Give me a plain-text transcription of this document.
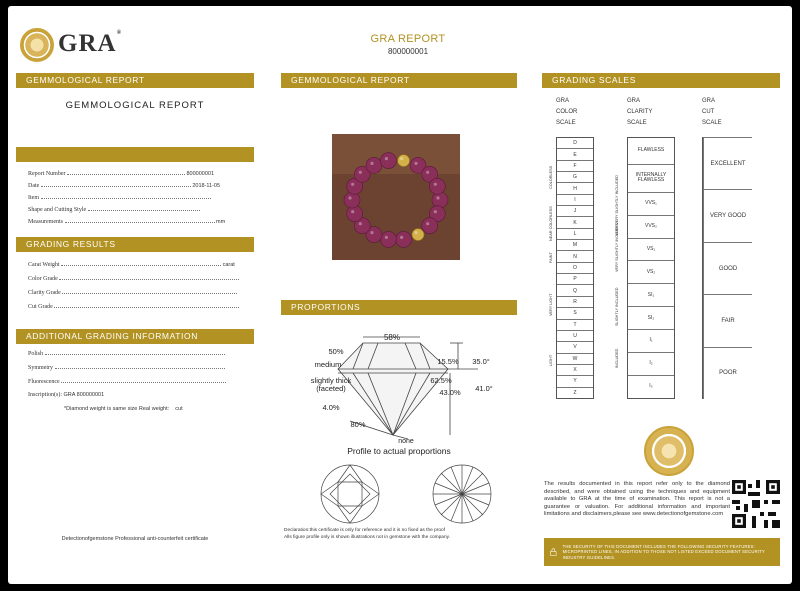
GRA®	GRA REPORT
800000001
GEMMOLOGICAL REPORT
GEMMOLOGICAL REPORT
Report Number	800000001
Date	2018-11-05
Item
Shape and Cutting Style
Measurements	mm
GRADING RESULTS
Carat Weight	carat
Color Grade
Clarity Grade
Cut Grade
ADDITIONAL GRADING INFORMATION
Polish
Symmetry
Fluorescence
Inscription(s): GRA 800000001
*Diamond weight is same size Real weight: cut
Detectionofgemstone Professional anti-counterfeit certificate
GEMMOLOGICAL REPORT
PROPORTIONS
58%
50%
medium	15.5% 35.0°
62.5%
43.0% 41.0°
80%
none
slightly thick (faceted)
4.0%
Profile to actual proportions
Declaration:this certificate is only for reference and it is no fixed as the proof
Alls figure profile only is shown illustrations not in gemstone with the company.
GRADING SCALES
GRA
COLOR
SCALE
GRA
CLARITY
SCALE
GRA
CUT
SCALE
D
E
F
G
H
I
J
K
L
M
N
O
P
Q
R
S
T
U
V
W
X
Y
Z
COLORLESS
NEAR COLORLESS
FAINT
VERY LIGHT
LIGHT
FLAWLESS
INTERNALLY FLAWLESS
VVS₁
VVS₂
VS₁
VS₂
SI₁
SI₂
I₁
I₂
I₃
VERY VERY SLIGHTLY INCLUDED
VERY SLIGHTLY INCLUDED
SLIGHTLY INCLUDED
INCLUDED
EXCELLENT
VERY GOOD
GOOD
FAIR
POOR
The results documented in this report refer only to the diamond described, and were obtained using the techniques and equipment available to GRA at the time of examination. This report is not a guarantee or valuation. For additional information and important limitations and disclaimers,please see www.detectionofgemstone.com
THE SECURITY OF THIS DOCUMENT INCLUDES THE FOLLOWING SECURITY FEATURES: MICROPRINTED LINES, IN ADDITION TO THOSE NOT LISTED EXCEED DOCUMENT SECURITY INDUSTRY GUIDELINES.
